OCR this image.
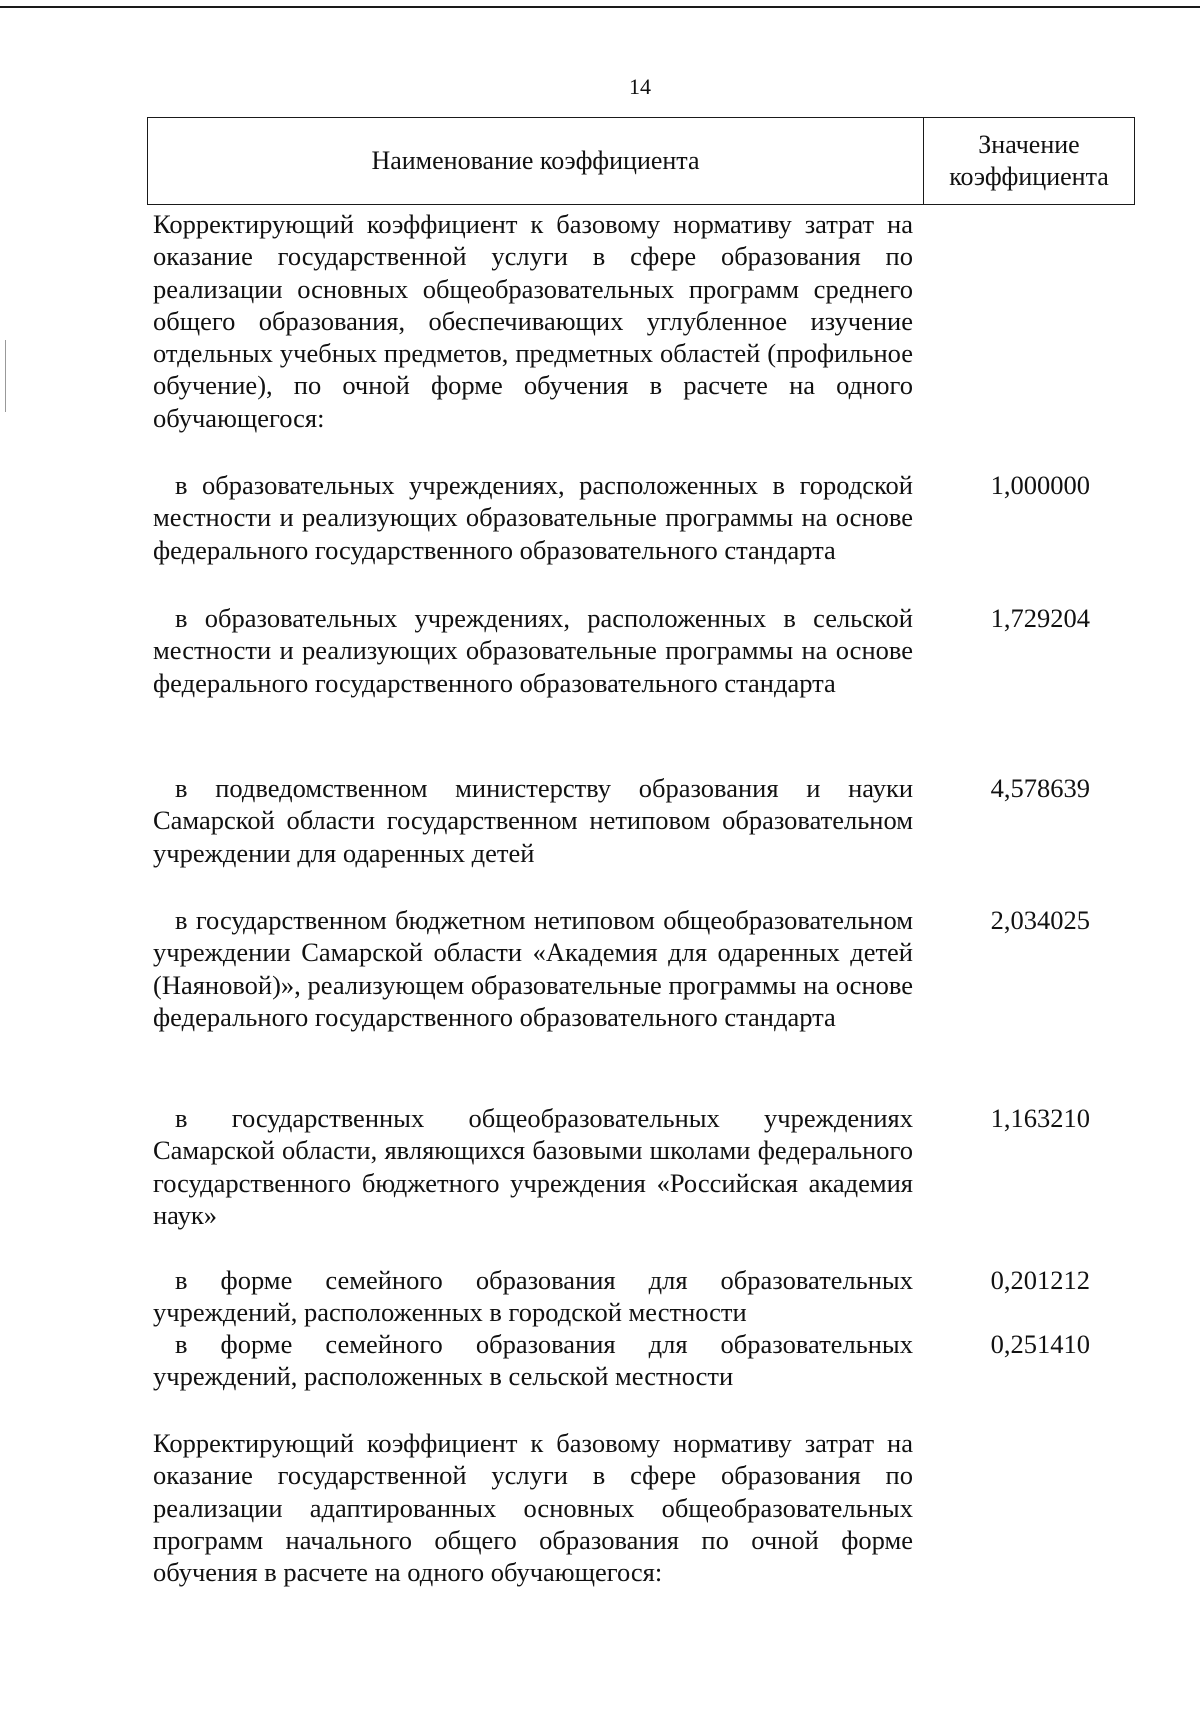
14
Наименование коэффициента
Значение коэффициента
Корректирующий коэффициент к базовому нормативу затрат на оказание государственной услуги в сфере образования по реализации основных общеобразовательных программ среднего общего образования, обеспечивающих углубленное изучение отдельных учебных предметов, предметных областей (профильное обучение), по очной форме обучения в расчете на одного обучающегося:
в образовательных учреждениях, расположенных в городской местности и реализующих образовательные программы на основе федерального государственного образовательного стандарта
1,000000
в образовательных учреждениях, расположенных в сельской местности и реализующих образовательные программы на основе федерального государственного образовательного стандарта
1,729204
в подведомственном министерству образования и науки Самарской области государственном нетиповом образовательном учреждении для одаренных детей
4,578639
в государственном бюджетном нетиповом общеобразовательном учреждении Самарской области «Академия для одаренных детей (Наяновой)», реализующем образовательные программы на основе федерального государственного образовательного стандарта
2,034025
в государственных общеобразовательных учреждениях Самарской области, являющихся базовыми школами федерального государственного бюджетного учреждения «Российская академия наук»
1,163210
в форме семейного образования для образовательных учреждений, расположенных в городской местности
0,201212
в форме семейного образования для образовательных учреждений, расположенных в сельской местности
0,251410
Корректирующий коэффициент к базовому нормативу затрат на оказание государственной услуги в сфере образования по реализации адаптированных основных общеобразовательных программ начального общего образования по очной форме обучения в расчете на одного обучающегося:
